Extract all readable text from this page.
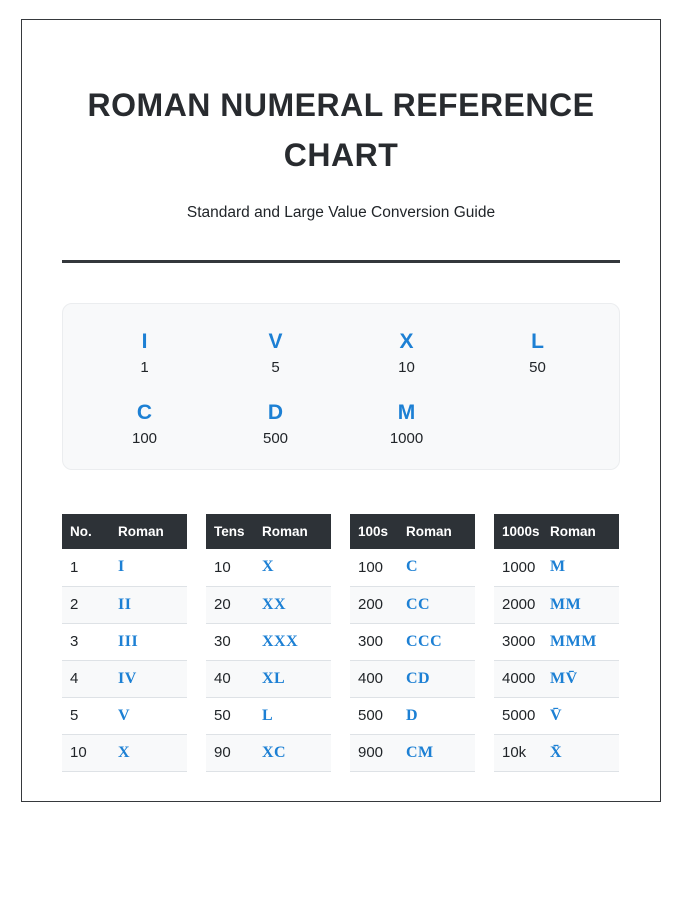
ROMAN NUMERAL REFERENCE CHART
Standard and Large Value Conversion Guide
I
1
V
5
X
10
L
50
C
100
D
500
M
1000
No.	Roman
1	I
2	II
3	III
4	IV
5	V
10	X
Tens	Roman
10	X
20	XX
30	XXX
40	XL
50	L
90	XC
100s	Roman
100	C
200	CC
300	CCC
400	CD
500	D
900	CM
1000s	Roman
1000	M
2000	MM
3000	MMM
4000	MV̄
5000	V̄
10k	X̄
